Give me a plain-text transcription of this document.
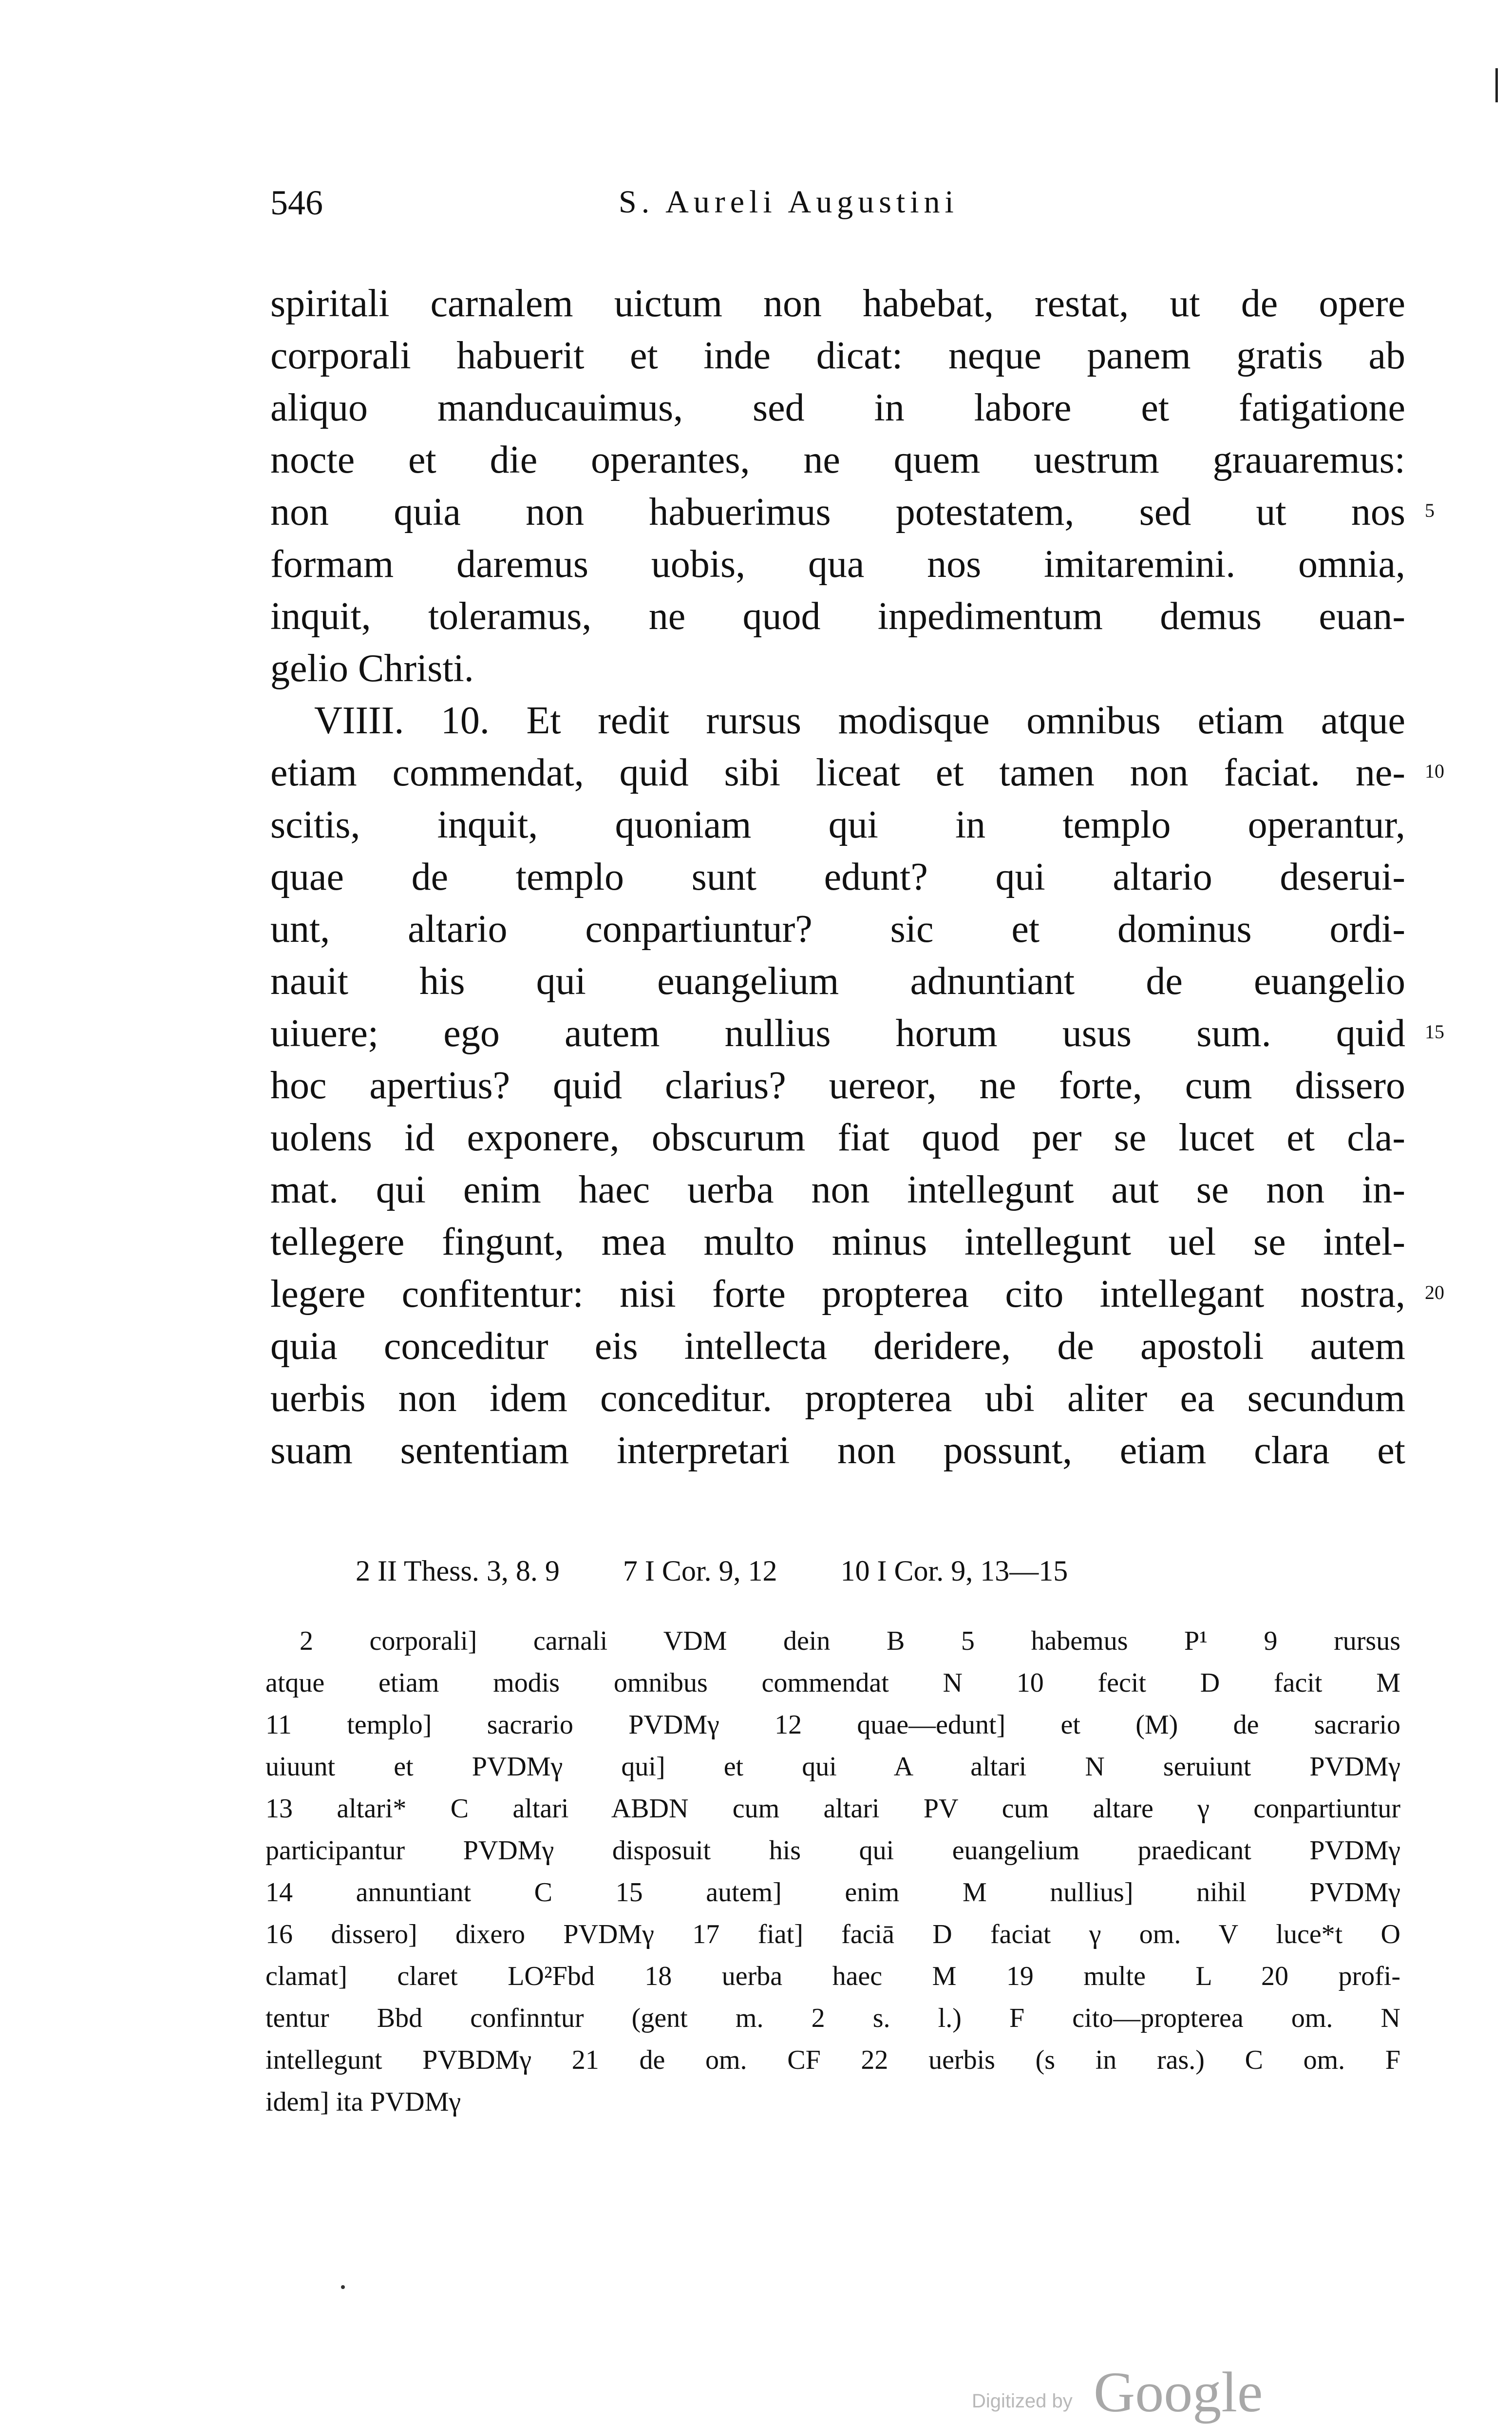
546	S. Aureli Augustini
spiritali carnalem uictum non habebat, restat, ut de opere
corporali habuerit et inde dicat: neque panem gratis ab
aliquo manducauimus, sed in labore et fatigatione
nocte et die operantes, ne quem uestrum grauaremus:
non quia non habuerimus potestatem, sed ut nos 5
formam daremus uobis, qua nos imitaremini. omnia,
inquit, toleramus, ne quod inpedimentum demus euan-
gelio Christi.
VIIII. 10. Et redit rursus modisque omnibus etiam atque
etiam commendat, quid sibi liceat et tamen non faciat. ne- 10
scitis, inquit, quoniam qui in templo operantur,
quae de templo sunt edunt? qui altario deserui-
unt, altario conpartiuntur? sic et dominus ordi-
nauit his qui euangelium adnuntiant de euangelio
uiuere; ego autem nullius horum usus sum. quid 15
hoc apertius? quid clarius? uereor, ne forte, cum dissero
uolens id exponere, obscurum fiat quod per se lucet et cla-
mat. qui enim haec uerba non intellegunt aut se non in-
tellegere fingunt, mea multo minus intellegunt uel se intel-
legere confitentur: nisi forte propterea cito intellegant nostra, 20
quia conceditur eis intellecta deridere, de apostoli autem
uerbis non idem conceditur. propterea ubi aliter ea secundum
suam sententiam interpretari non possunt, etiam clara et
2 II Thess. 3, 8. 9 7 I Cor. 9, 12 10 I Cor. 9, 13—15
2 corporali] carnali VDM dein B 5 habemus P¹ 9 rursus
atque etiam modis omnibus commendat N 10 fecit D facit M
11 templo] sacrario PVDMγ 12 quae—edunt] et (M) de sacrario
uiuunt et PVDMγ qui] et qui A altari N seruiunt PVDMγ
13 altari* C altari ABDN cum altari PV cum altare γ conpartiuntur
participantur PVDMγ disposuit his qui euangelium praedicant PVDMγ
14 annuntiant C 15 autem] enim M nullius] nihil PVDMγ
16 dissero] dixero PVDMγ 17 fiat] faciā D faciat γ om. V luce*t O
clamat] claret LO²Fbd 18 uerba haec M 19 multe L 20 profi-
tentur Bbd confinntur (gent m. 2 s. l.) F cito—propterea om. N
intellegunt PVBDMγ 21 de om. CF 22 uerbis (s in ras.) C om. F
idem] ita PVDMγ
Digitized by Google
